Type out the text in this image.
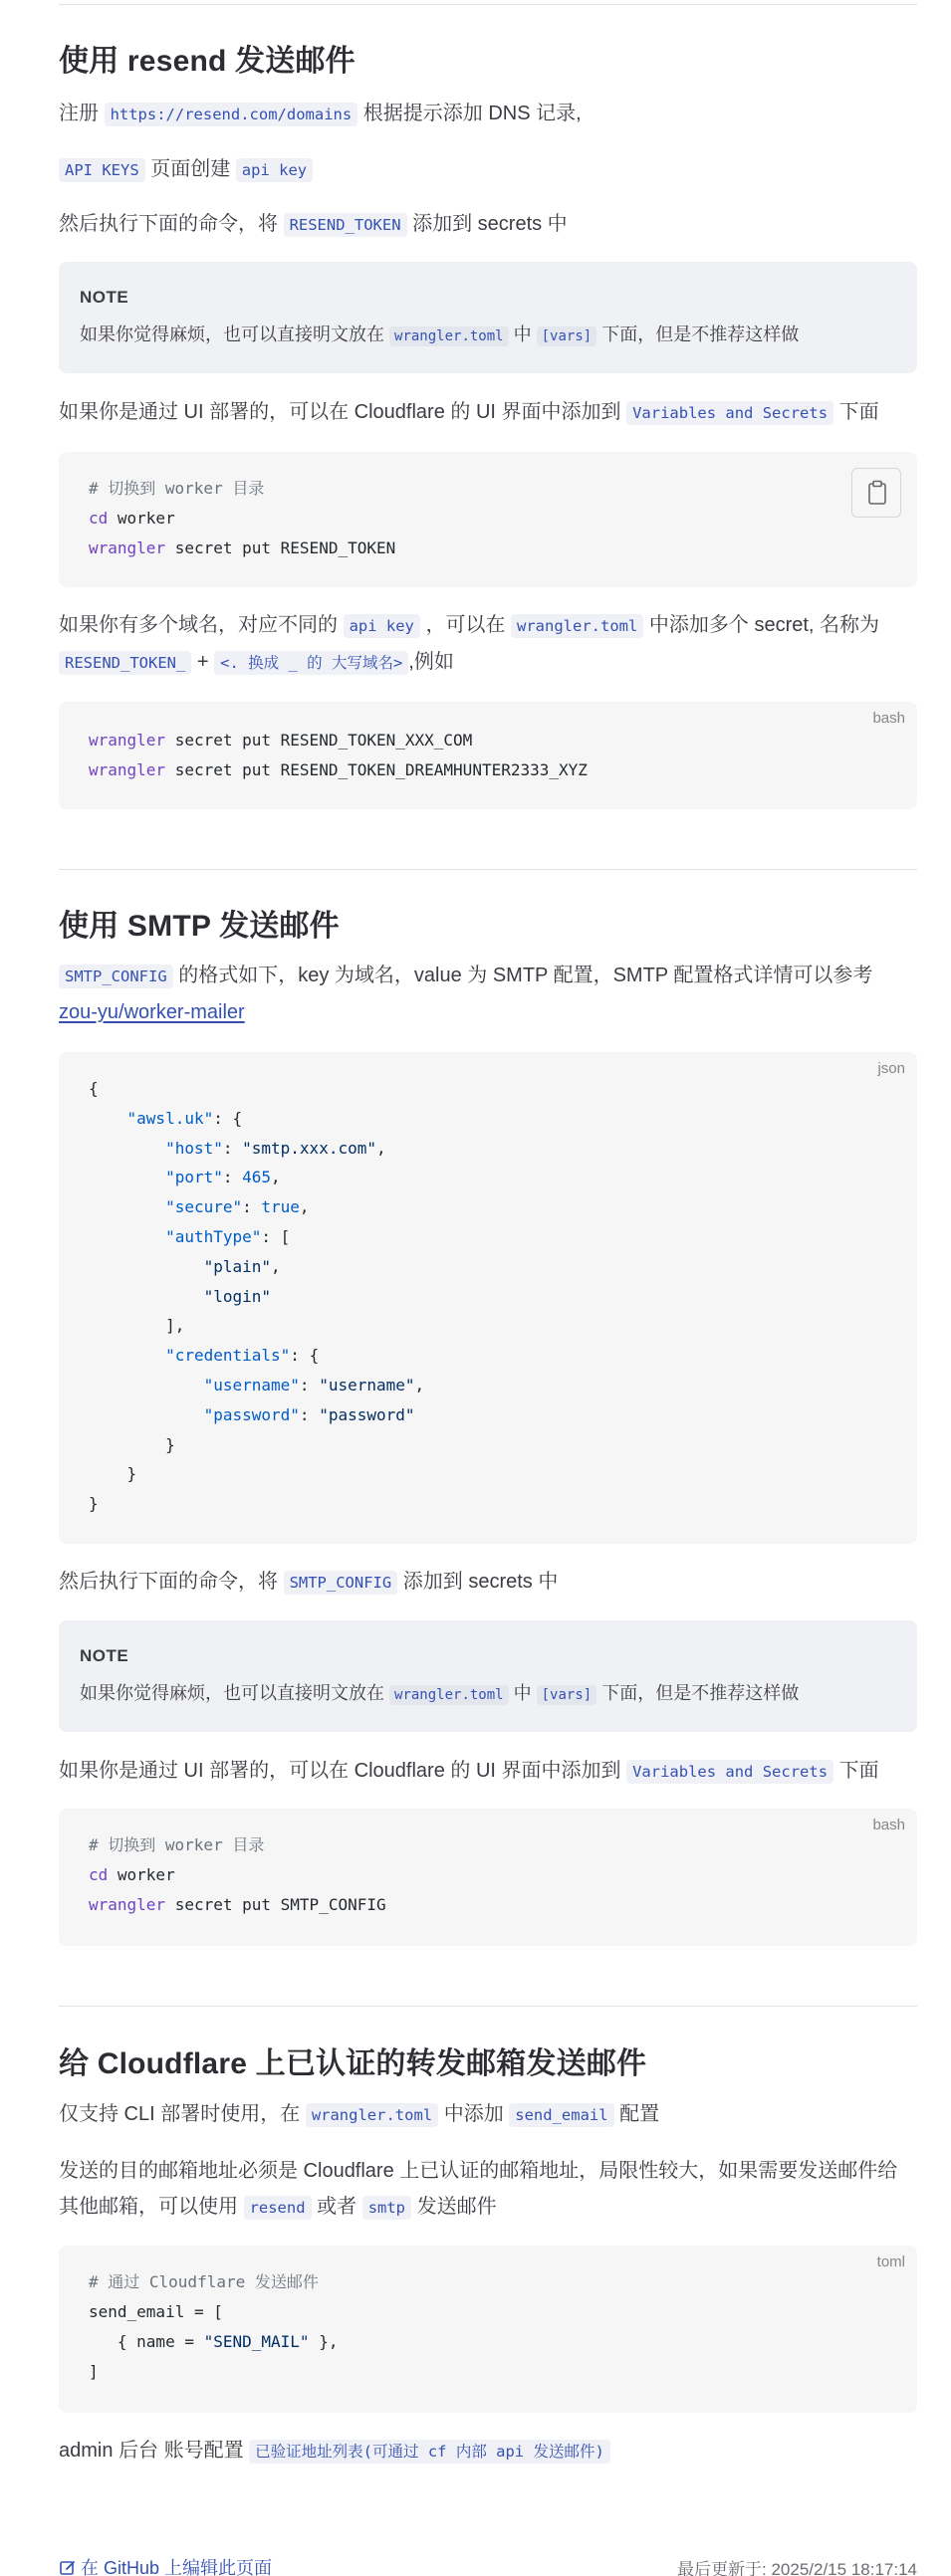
使用 resend 发送邮件
注册 https://resend.com/domains 根据提示添加 DNS 记录,
API KEYS 页面创建 api key
然后执行下面的命令，将 RESEND_TOKEN 添加到 secrets 中
NOTE
如果你觉得麻烦，也可以直接明文放在 wrangler.toml 中 [vars] 下面，但是不推荐这样做
如果你是通过 UI 部署的，可以在 Cloudflare 的 UI 界面中添加到 Variables and Secrets 下面
# 切换到 worker 目录
cd worker
wrangler secret put RESEND_TOKEN
如果你有多个域名，对应不同的 api key ，可以在 wrangler.toml 中添加多个 secret, 名称为
RESEND_TOKEN_ + <. 换成 _ 的 大写域名> ,例如
bash
wrangler secret put RESEND_TOKEN_XXX_COM
wrangler secret put RESEND_TOKEN_DREAMHUNTER2333_XYZ
使用 SMTP 发送邮件
SMTP_CONFIG 的格式如下，key 为域名，value 为 SMTP 配置，SMTP 配置格式详情可以参考
zou-yu/worker-mailer
json
{
"awsl.uk": {
"host": "smtp.xxx.com",
"port": 465,
"secure": true,
"authType": [
"plain",
"login"
],
"credentials": {
"username": "username",
"password": "password"
}
}
}
然后执行下面的命令，将 SMTP_CONFIG 添加到 secrets 中
NOTE
如果你觉得麻烦，也可以直接明文放在 wrangler.toml 中 [vars] 下面，但是不推荐这样做
如果你是通过 UI 部署的，可以在 Cloudflare 的 UI 界面中添加到 Variables and Secrets 下面
bash
# 切换到 worker 目录
cd worker
wrangler secret put SMTP_CONFIG
给 Cloudflare 上已认证的转发邮箱发送邮件
仅支持 CLI 部署时使用，在 wrangler.toml 中添加 send_email 配置
发送的目的邮箱地址必须是 Cloudflare 上已认证的邮箱地址，局限性较大，如果需要发送邮件给其他邮箱，可以使用 resend 或者 smtp 发送邮件
toml
# 通过 Cloudflare 发送邮件
send_email = [
{ name = "SEND_MAIL" },
]
admin 后台 账号配置 已验证地址列表(可通过 cf 内部 api 发送邮件)
在 GitHub 上编辑此页面	最后更新于: 2025/2/15 18:17:14
